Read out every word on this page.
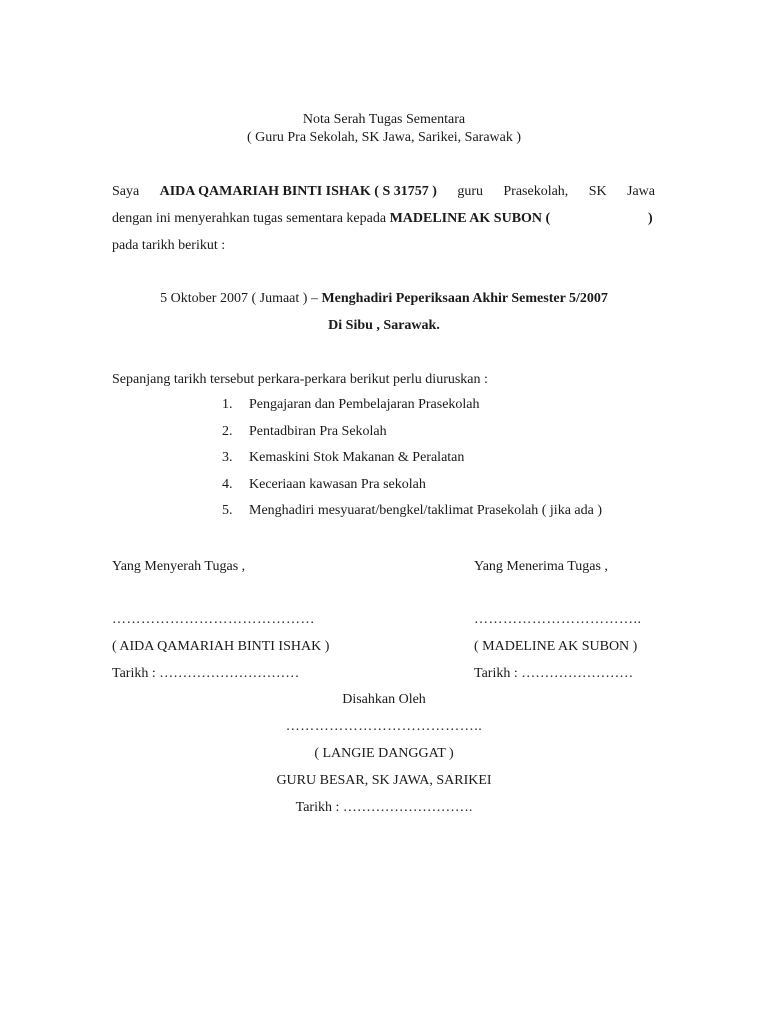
Nota Serah Tugas Sementara
( Guru Pra Sekolah, SK Jawa, Sarikei, Sarawak )
Saya AIDA QAMARIAH BINTI ISHAK ( S 31757 ) guru Prasekolah, SK Jawa
dengan ini menyerahkan tugas sementara kepada MADELINE AK SUBON (	)
pada tarikh berikut :
5 Oktober 2007 ( Jumaat ) – Menghadiri Peperiksaan Akhir Semester 5/2007
Di Sibu , Sarawak.
Sepanjang tarikh tersebut perkara-perkara berikut perlu diuruskan :
1.	Pengajaran dan Pembelajaran Prasekolah
2.	Pentadbiran Pra Sekolah
3.	Kemaskini Stok Makanan & Peralatan
4.	Keceriaan kawasan Pra sekolah
5.	Menghadiri mesyuarat/bengkel/taklimat Prasekolah ( jika ada )
Yang Menyerah Tugas ,
……………………………………
( AIDA QAMARIAH BINTI ISHAK )
Tarikh : …………………………
Yang Menerima Tugas ,
……………………………..
( MADELINE AK SUBON )
Tarikh : ……………………
Disahkan Oleh
…………………………………..
( LANGIE DANGGAT )
GURU BESAR, SK JAWA, SARIKEI
Tarikh : ……………………….
